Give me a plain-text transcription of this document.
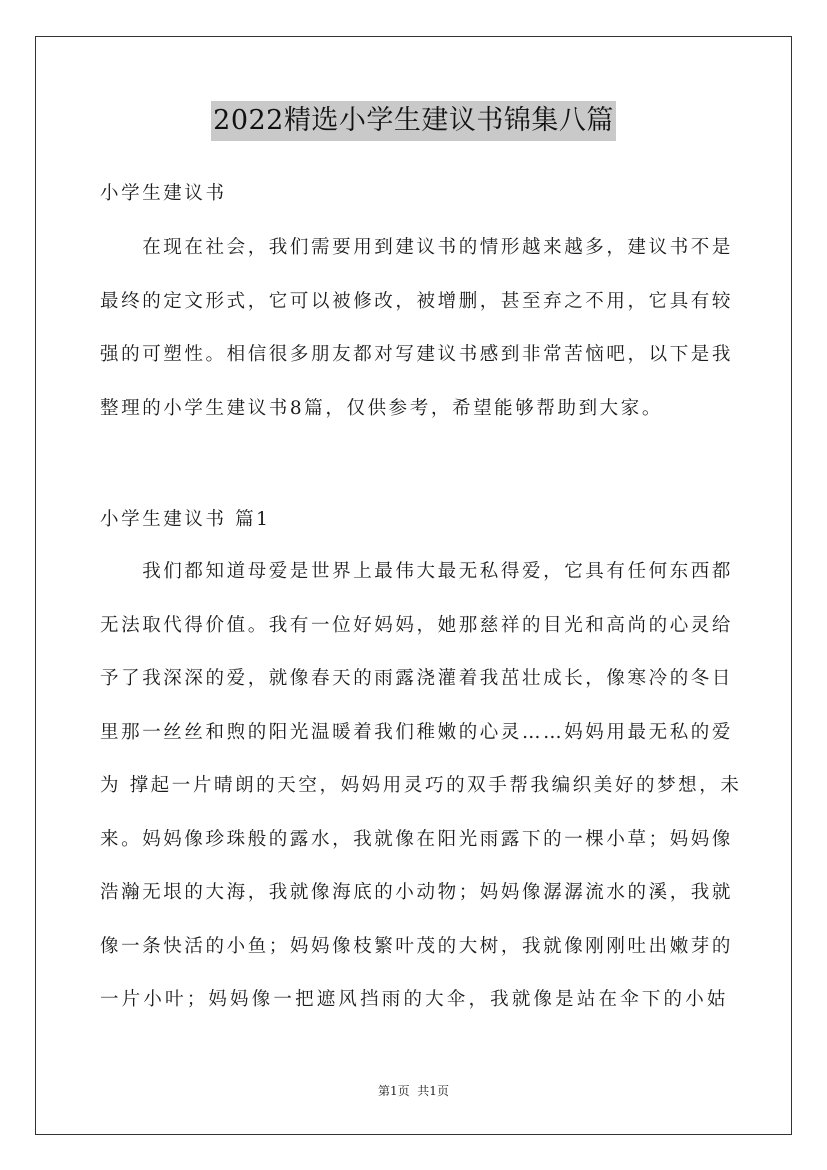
2022精选小学生建议书锦集八篇
小学生建议书
　　在现在社会，我们需要用到建议书的情形越来越多，建议书不是
最终的定文形式，它可以被修改，被增删，甚至弃之不用，它具有较
强的可塑性。相信很多朋友都对写建议书感到非常苦恼吧，以下是我
整理的小学生建议书8篇，仅供参考，希望能够帮助到大家。
小学生建议书 篇1
　　我们都知道母爱是世界上最伟大最无私得爱，它具有任何东西都
无法取代得价值。我有一位好妈妈，她那慈祥的目光和高尚的心灵给
予了我深深的爱，就像春天的雨露浇灌着我茁壮成长，像寒冷的冬日
里那一丝丝和煦的阳光温暖着我们稚嫩的心灵……妈妈用最无私的爱
为 撑起一片晴朗的天空，妈妈用灵巧的双手帮我编织美好的梦想，未
来。妈妈像珍珠般的露水，我就像在阳光雨露下的一棵小草；妈妈像
浩瀚无垠的大海，我就像海底的小动物；妈妈像潺潺流水的溪，我就
像一条快活的小鱼；妈妈像枝繁叶茂的大树，我就像刚刚吐出嫩芽的
一片小叶；妈妈像一把遮风挡雨的大伞，我就像是站在伞下的小姑
第1页  共1页
